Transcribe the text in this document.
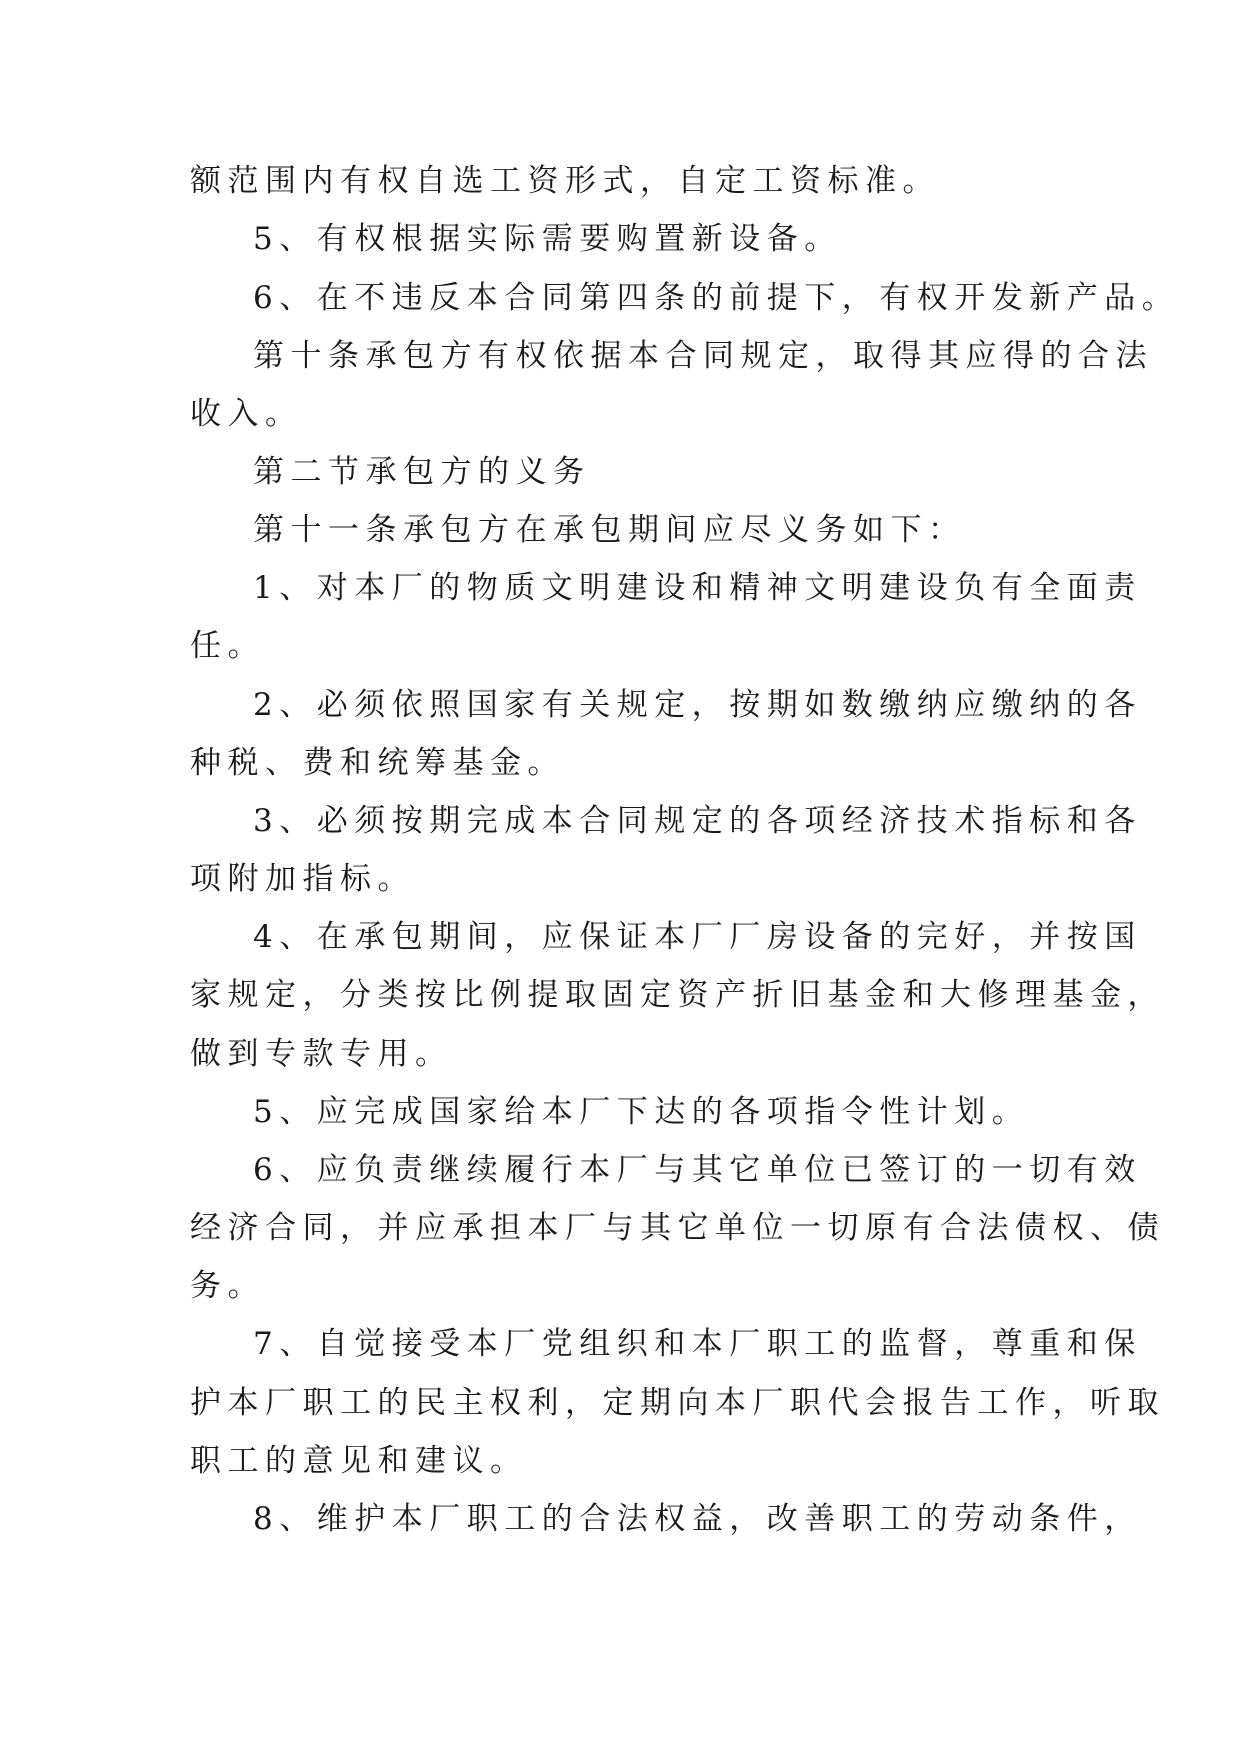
额范围内有权自选工资形式，自定工资标准。

5、有权根据实际需要购置新设备。

6、在不违反本合同第四条的前提下，有权开发新产品。

第十条承包方有权依据本合同规定，取得其应得的合法

收入。

第二节承包方的义务

第十一条承包方在承包期间应尽义务如下：

1、对本厂的物质文明建设和精神文明建设负有全面责

任。

2、必须依照国家有关规定，按期如数缴纳应缴纳的各

种税、费和统筹基金。

3、必须按期完成本合同规定的各项经济技术指标和各

项附加指标。

4、在承包期间，应保证本厂厂房设备的完好，并按国

家规定，分类按比例提取固定资产折旧基金和大修理基金，

做到专款专用。

5、应完成国家给本厂下达的各项指令性计划。

6、应负责继续履行本厂与其它单位已签订的一切有效

经济合同，并应承担本厂与其它单位一切原有合法债权、债

务。

7、自觉接受本厂党组织和本厂职工的监督，尊重和保

护本厂职工的民主权利，定期向本厂职代会报告工作，听取

职工的意见和建议。

8、维护本厂职工的合法权益，改善职工的劳动条件，
